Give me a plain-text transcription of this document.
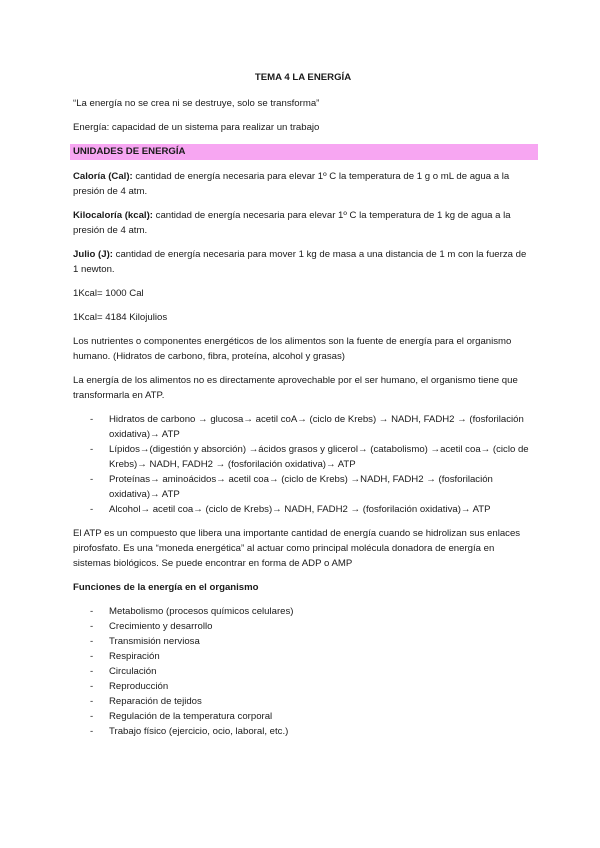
TEMA 4 LA ENERGÍA

“La energía no se crea ni se destruye, solo se transforma”

Energía: capacidad de un sistema para realizar un trabajo

UNIDADES DE ENERGÍA

Caloría (Cal): cantidad de energía necesaria para elevar 1º C la temperatura de 1 g o mL de agua a la presión de 4 atm.

Kilocaloría (kcal): cantidad de energía necesaria para elevar 1º C la temperatura de 1 kg de agua a la presión de 4 atm.

Julio (J): cantidad de energía necesaria para mover 1 kg de masa a una distancia de 1 m con la fuerza de 1 newton.

1Kcal= 1000 Cal

1Kcal= 4184 Kilojulios

Los nutrientes o componentes energéticos de los alimentos son la fuente de energía para el organismo humano. (Hidratos de carbono, fibra, proteína, alcohol y grasas)

La energía de los alimentos no es directamente aprovechable por el ser humano, el organismo tiene que transformarla en ATP.

- Hidratos de carbono → glucosa→ acetil coA→ (ciclo de Krebs) → NADH, FADH2 → (fosforilación oxidativa)→ ATP
- Lípidos→(digestión y absorción) →ácidos grasos y glicerol→ (catabolismo) →acetil coa→ (ciclo de Krebs)→ NADH, FADH2 → (fosforilación oxidativa)→ ATP
- Proteínas→ aminoácidos→ acetil coa→ (ciclo de Krebs) →NADH, FADH2 → (fosforilación oxidativa)→ ATP
- Alcohol→ acetil coa→ (ciclo de Krebs)→ NADH, FADH2 → (fosforilación oxidativa)→ ATP

El ATP es un compuesto que libera una importante cantidad de energía cuando se hidrolizan sus enlaces pirofosfato. Es una “moneda energética” al actuar como principal molécula donadora de energía en sistemas biológicos. Se puede encontrar en forma de ADP o AMP

Funciones de la energía en el organismo
- Metabolismo (procesos químicos celulares)
- Crecimiento y desarrollo
- Transmisión nerviosa
- Respiración
- Circulación
- Reproducción
- Reparación de tejidos
- Regulación de la temperatura corporal
- Trabajo físico (ejercicio, ocio, laboral, etc.)
